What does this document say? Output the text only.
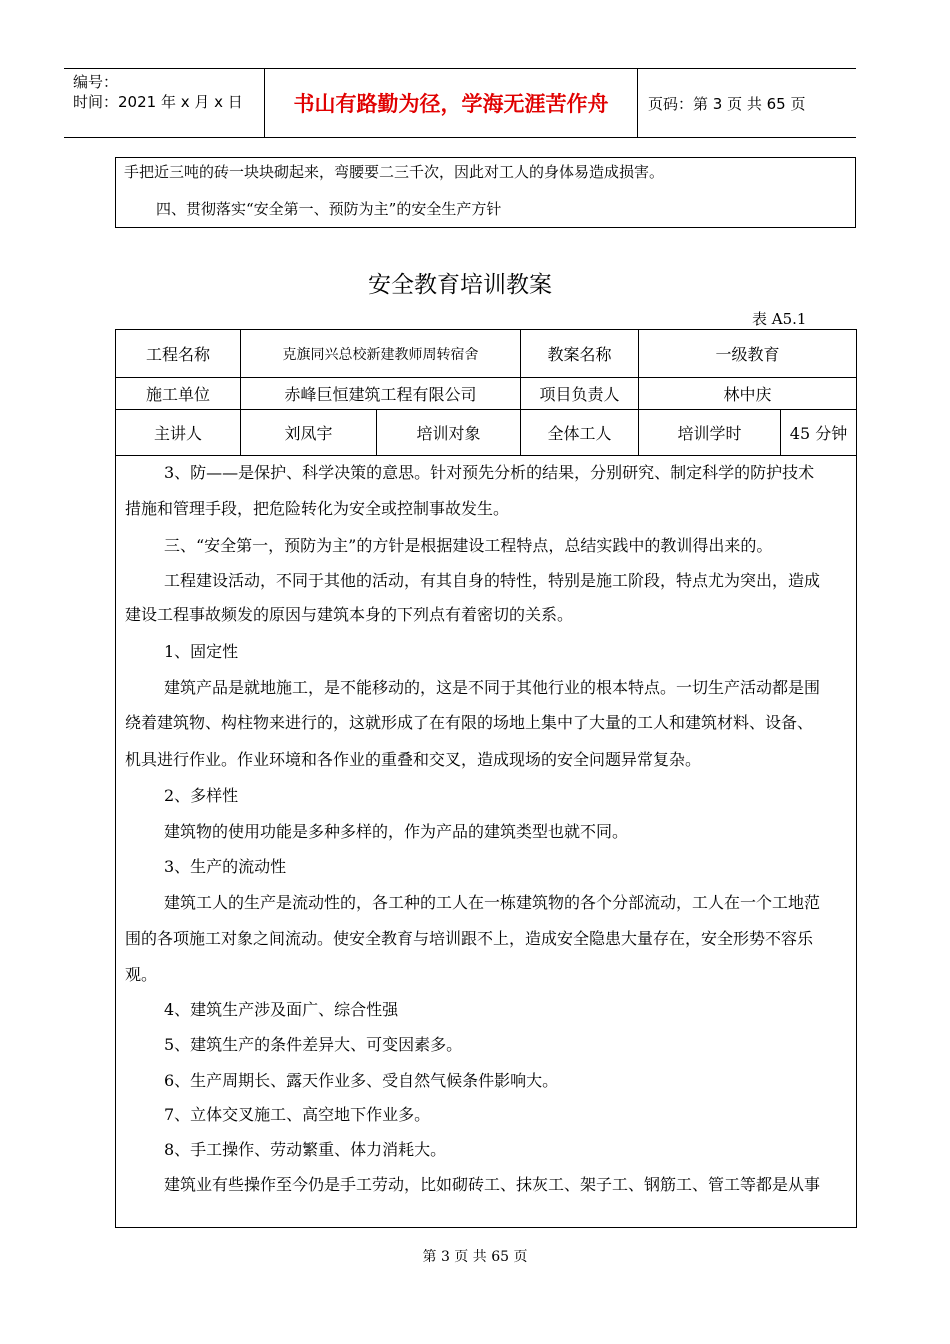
编号：
时间：2021 年 x 月 x 日	书山有路勤为径，学海无涯苦作舟	页码：第 3 页 共 65 页

手把近三吨的砖一块块砌起来，弯腰要二三千次，因此对工人的身体易造成损害。

四、贯彻落实“安全第一、预防为主”的安全生产方针

安全教育培训教案
表 A5.1
工程名称	克旗同兴总校新建教师周转宿舍	教案名称	一级教育
施工单位	赤峰巨恒建筑工程有限公司	项目负责人	林中庆
主讲人	刘凤宇	培训对象	全体工人	培训学时	45 分钟

3、防——是保护、科学决策的意思。针对预先分析的结果，分别研究、制定科学的防护技术

措施和管理手段，把危险转化为安全或控制事故发生。

三、“安全第一，预防为主”的方针是根据建设工程特点，总结实践中的教训得出来的。

工程建设活动，不同于其他的活动，有其自身的特性，特别是施工阶段，特点尤为突出，造成

建设工程事故频发的原因与建筑本身的下列点有着密切的关系。

1、固定性

建筑产品是就地施工，是不能移动的，这是不同于其他行业的根本特点。一切生产活动都是围

绕着建筑物、构柱物来进行的，这就形成了在有限的场地上集中了大量的工人和建筑材料、设备、

机具进行作业。作业环境和各作业的重叠和交叉，造成现场的安全问题异常复杂。

2、多样性

建筑物的使用功能是多种多样的，作为产品的建筑类型也就不同。

3、生产的流动性

建筑工人的生产是流动性的，各工种的工人在一栋建筑物的各个分部流动，工人在一个工地范

围的各项施工对象之间流动。使安全教育与培训跟不上，造成安全隐患大量存在，安全形势不容乐

观。

4、建筑生产涉及面广、综合性强

5、建筑生产的条件差异大、可变因素多。

6、生产周期长、露天作业多、受自然气候条件影响大。

7、立体交叉施工、高空地下作业多。

8、手工操作、劳动繁重、体力消耗大。

建筑业有些操作至今仍是手工劳动，比如砌砖工、抹灰工、架子工、钢筋工、管工等都是从事

第 3 页 共 65 页
